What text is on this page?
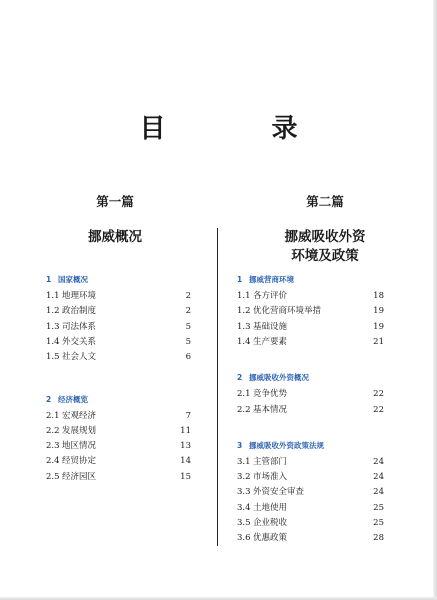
目　录
第一篇	第二篇
挪威概况	挪威吸收外资
环境及政策
1 国家概况
1.1 地理环境	2
1.2 政治制度	2
1.3 司法体系	5
1.4 外交关系	5
1.5 社会人文	6
2 经济概览
2.1 宏观经济	7
2.2 发展规划	11
2.3 地区情况	13
2.4 经贸协定	14
2.5 经济园区	15
1 挪威营商环境
1.1 各方评价	18
1.2 优化营商环境举措	19
1.3 基础设施	19
1.4 生产要素	21
2 挪威吸收外资概况
2.1 竞争优势	22
2.2 基本情况	22
3 挪威吸收外资政策法规
3.1 主管部门	24
3.2 市场准入	24
3.3 外资安全审查	24
3.4 土地使用	25
3.5 企业税收	25
3.6 优惠政策	28
